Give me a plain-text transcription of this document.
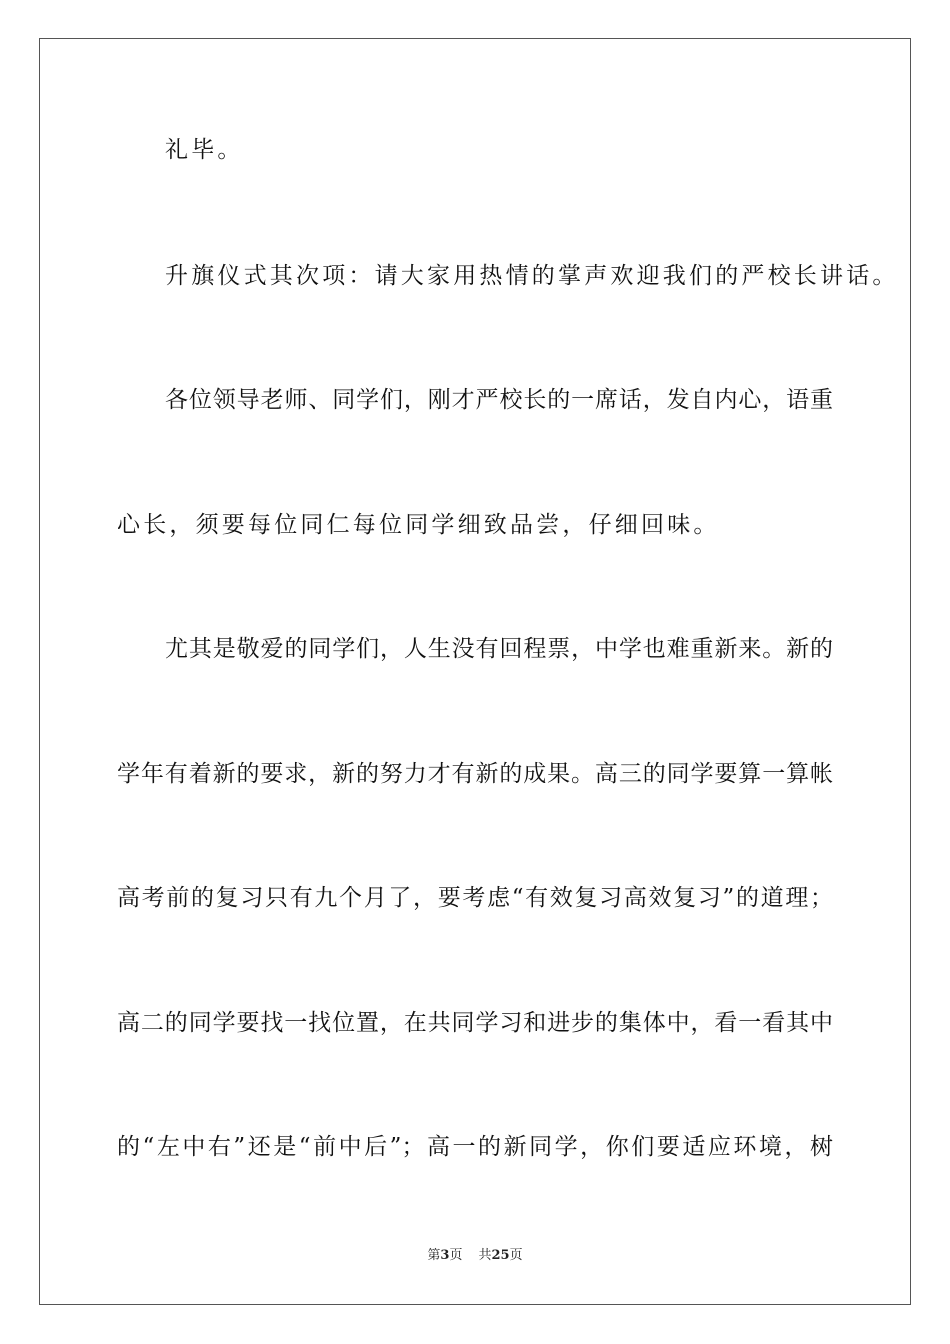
礼毕。
升旗仪式其次项：请大家用热情的掌声欢迎我们的严校长讲话。
各位领导老师、同学们，刚才严校长的一席话，发自内心，语重
心长，须要每位同仁每位同学细致品尝，仔细回味。
尤其是敬爱的同学们，人生没有回程票，中学也难重新来。新的
学年有着新的要求，新的努力才有新的成果。高三的同学要算一算帐
高考前的复习只有九个月了，要考虑“有效复习高效复习”的道理；
高二的同学要找一找位置，在共同学习和进步的集体中，看一看其中
的“左中右”还是“前中后”；高一的新同学，你们要适应环境，树
第3页 共25页
